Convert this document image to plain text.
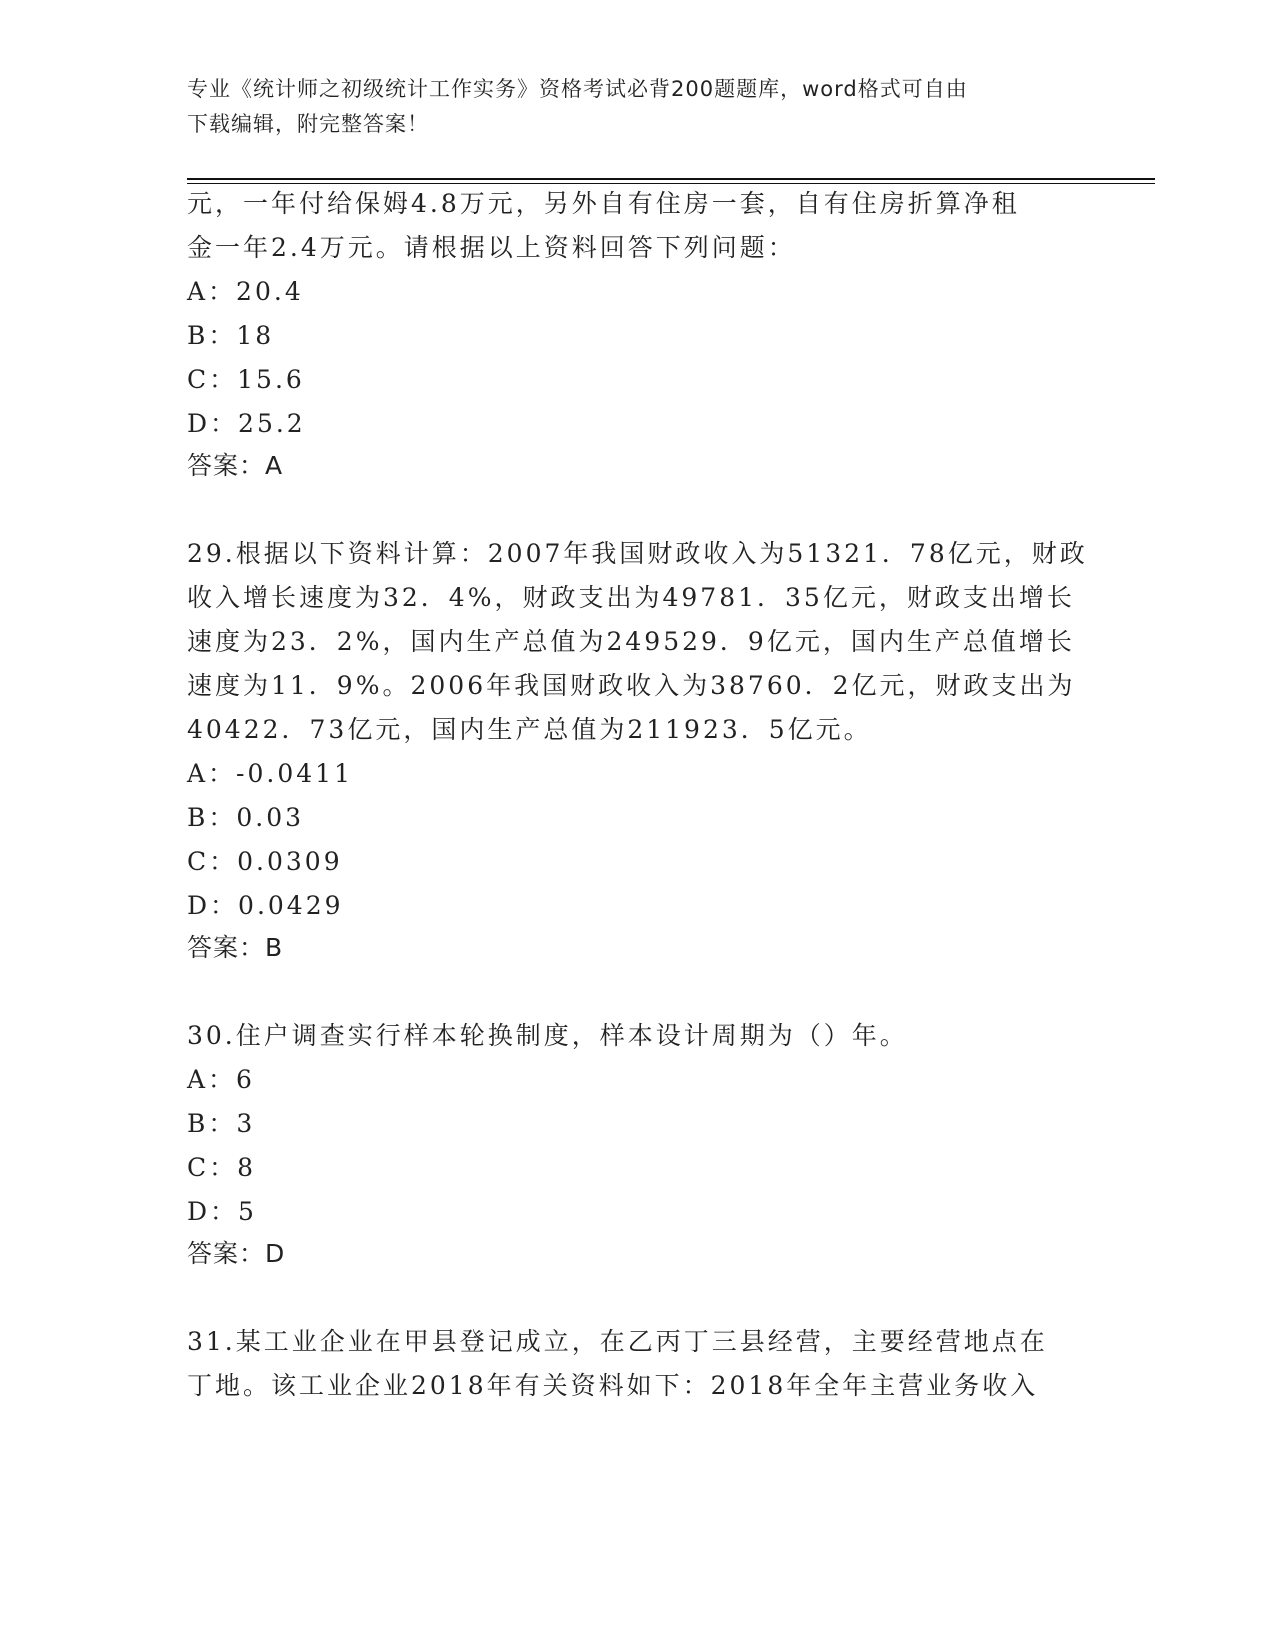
专业《统计师之初级统计工作实务》资格考试必背200题题库，word格式可自由
下载编辑，附完整答案！
元，一年付给保姆4.8万元，另外自有住房一套，自有住房折算净租
金一年2.4万元。请根据以上资料回答下列问题：
A：20.4
B：18
C：15.6
D：25.2
答案：A
29.根据以下资料计算：2007年我国财政收入为51321．78亿元，财政
收入增长速度为32．4%，财政支出为49781．35亿元，财政支出增长
速度为23．2%，国内生产总值为249529．9亿元，国内生产总值增长
速度为11．9%。2006年我国财政收入为38760．2亿元，财政支出为
40422．73亿元，国内生产总值为211923．5亿元。
A：-0.0411
B：0.03
C：0.0309
D：0.0429
答案：B
30.住户调查实行样本轮换制度，样本设计周期为（）年。
A：6
B：3
C：8
D：5
答案：D
31.某工业企业在甲县登记成立，在乙丙丁三县经营，主要经营地点在
丁地。该工业企业2018年有关资料如下：2018年全年主营业务收入
